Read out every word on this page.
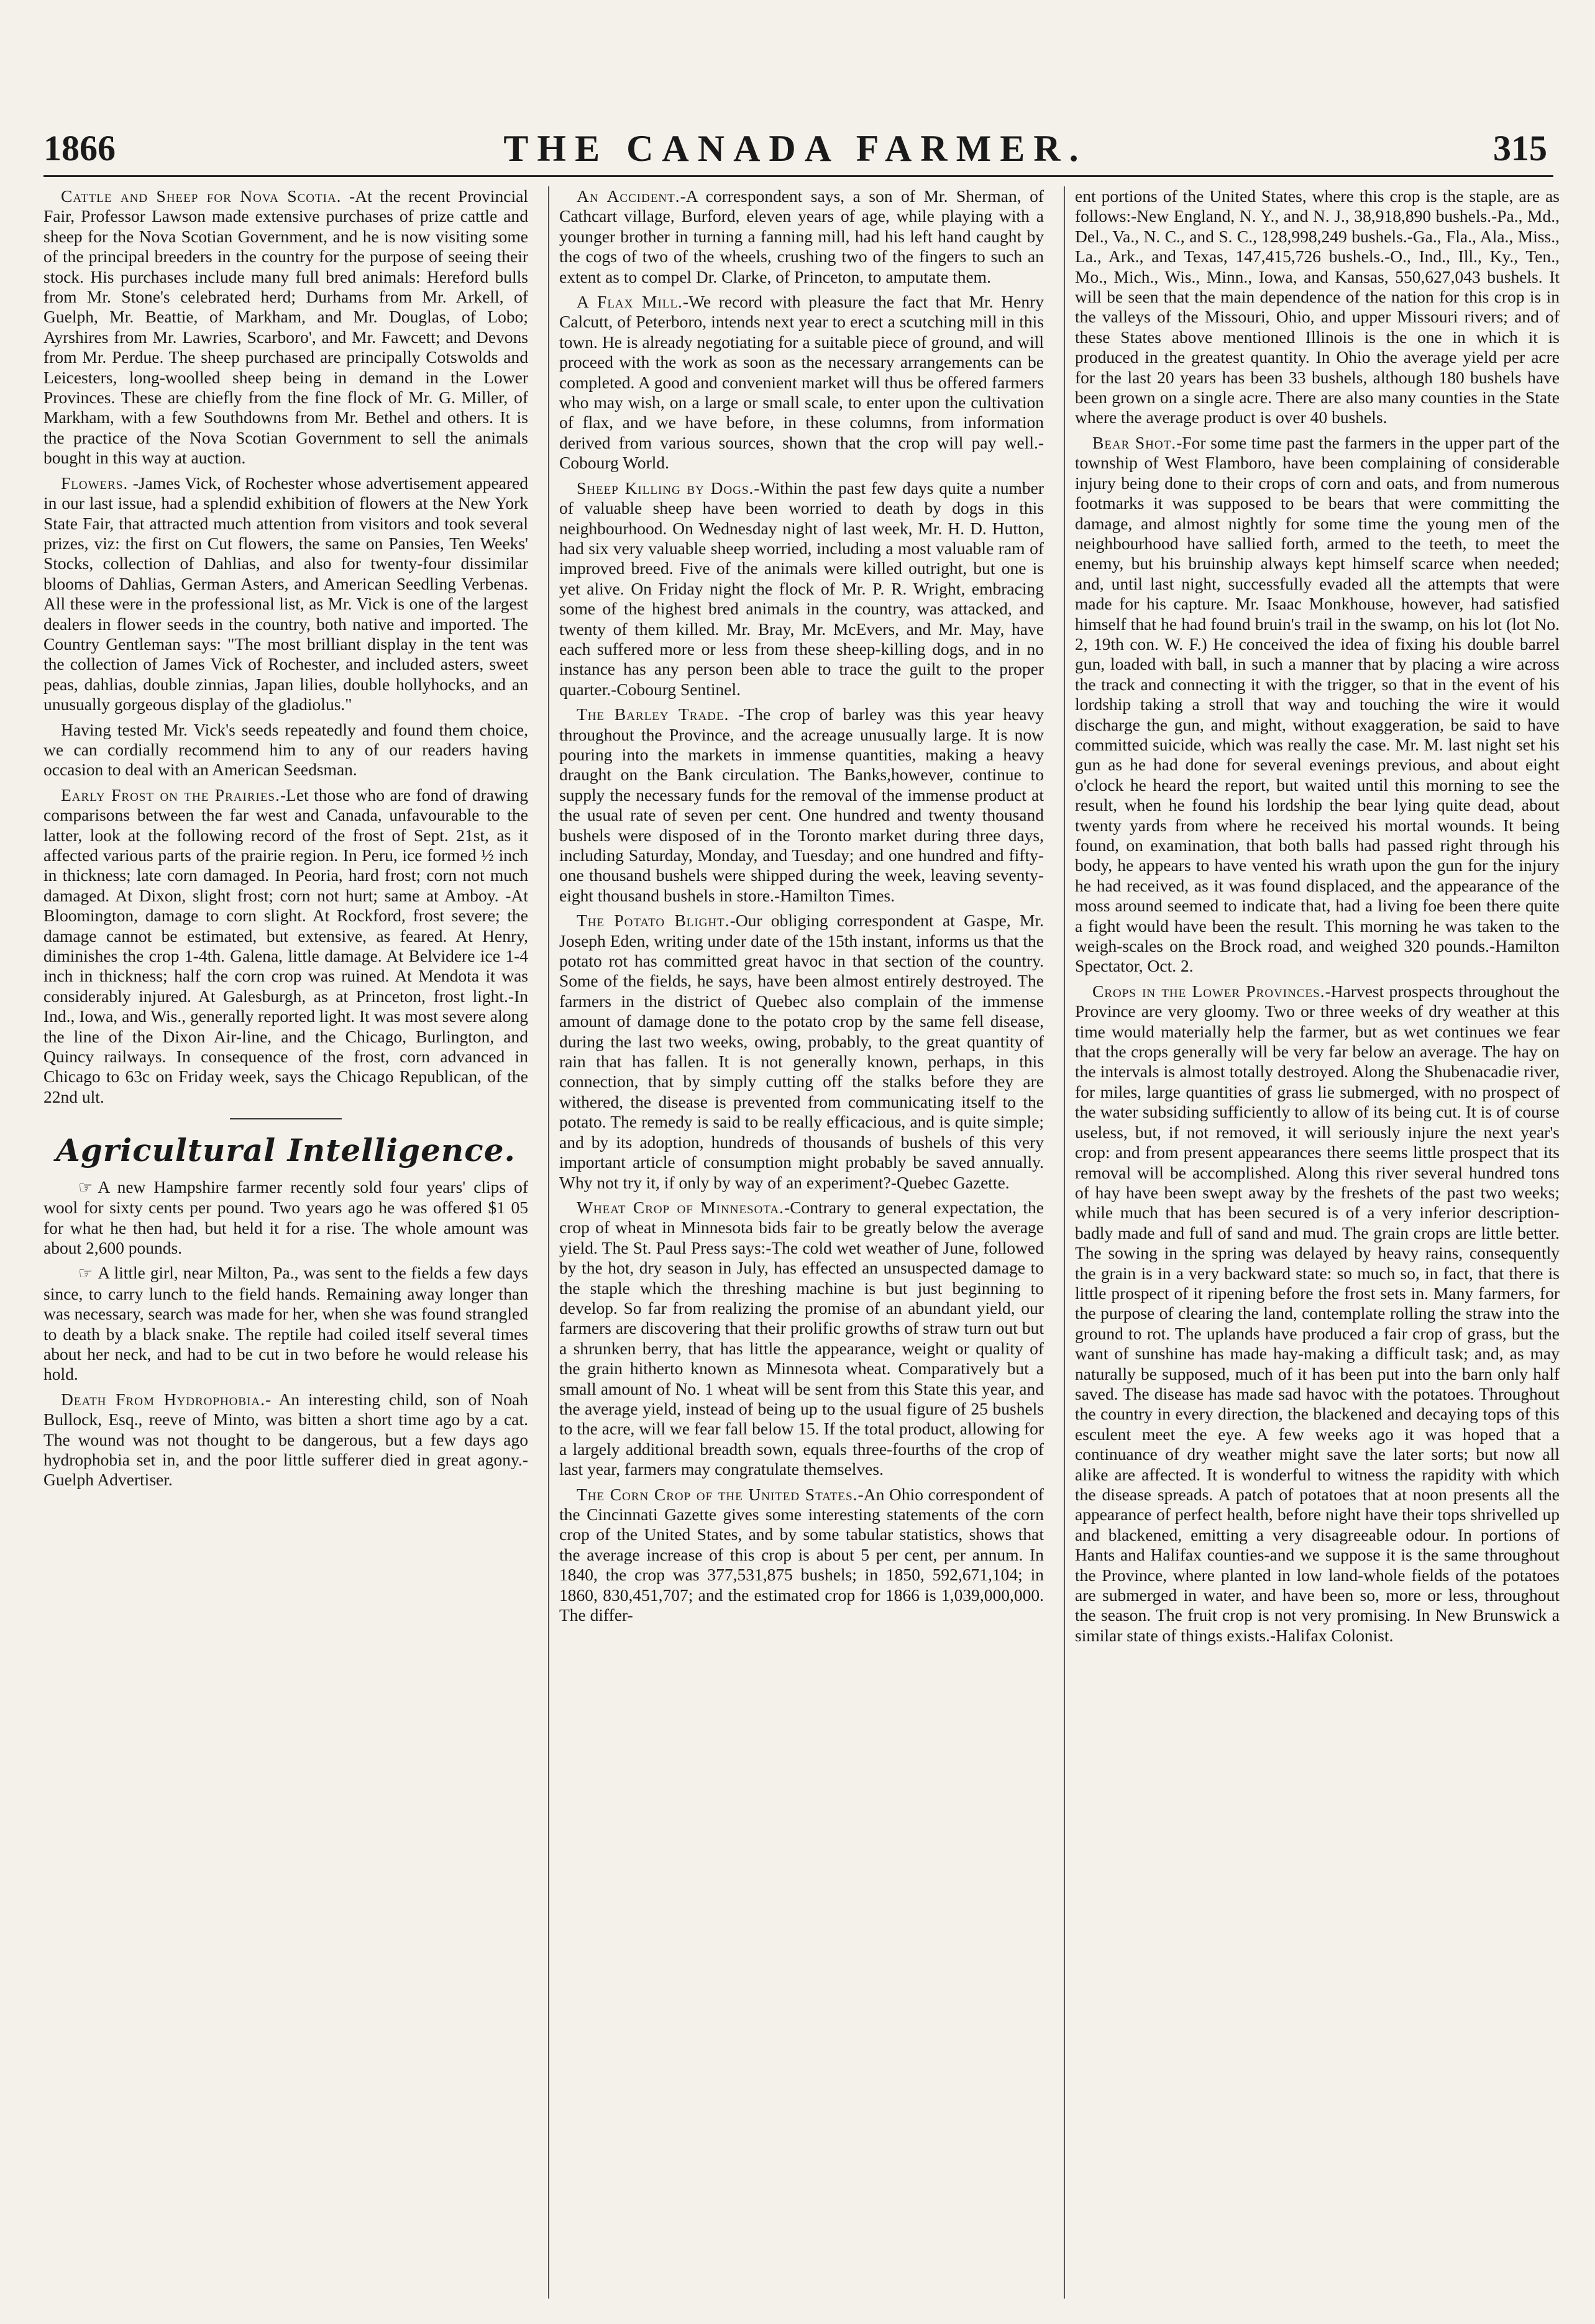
1866	THE CANADA FARMER.	315

Cattle and Sheep for Nova Scotia. -At the recent Provincial Fair, Professor Lawson made extensive purchases of prize cattle and sheep for the Nova Scotian Government, and he is now visiting some of the principal breeders in the country for the purpose of seeing their stock. His purchases include many full bred animals: Hereford bulls from Mr. Stone's celebrated herd; Durhams from Mr. Arkell, of Guelph, Mr. Beattie, of Markham, and Mr. Douglas, of Lobo; Ayrshires from Mr. Lawries, Scarboro', and Mr. Fawcett; and Devons from Mr. Perdue. The sheep purchased are principally Cotswolds and Leicesters, long-woolled sheep being in demand in the Lower Provinces. These are chiefly from the fine flock of Mr. G. Miller, of Markham, with a few Southdowns from Mr. Bethel and others. It is the practice of the Nova Scotian Government to sell the animals bought in this way at auction.

Flowers. -James Vick, of Rochester whose advertisement appeared in our last issue, had a splendid exhibition of flowers at the New York State Fair, that attracted much attention from visitors and took several prizes, viz: the first on Cut flowers, the same on Pansies, Ten Weeks' Stocks, collection of Dahlias, and also for twenty-four dissimilar blooms of Dahlias, German Asters, and American Seedling Verbenas. All these were in the professional list, as Mr. Vick is one of the largest dealers in flower seeds in the country, both native and imported. The Country Gentleman says: "The most brilliant display in the tent was the collection of James Vick of Rochester, and included asters, sweet peas, dahlias, double zinnias, Japan lilies, double hollyhocks, and an unusually gorgeous display of the gladiolus."

Having tested Mr. Vick's seeds repeatedly and found them choice, we can cordially recommend him to any of our readers having occasion to deal with an American Seedsman.

Early Frost on the Prairies.-Let those who are fond of drawing comparisons between the far west and Canada, unfavourable to the latter, look at the following record of the frost of Sept. 21st, as it affected various parts of the prairie region. In Peru, ice formed ½ inch in thickness; late corn damaged. In Peoria, hard frost; corn not much damaged. At Dixon, slight frost; corn not hurt; same at Amboy. -At Bloomington, damage to corn slight. At Rockford, frost severe; the damage cannot be estimated, but extensive, as feared. At Henry, diminishes the crop 1-4th. Galena, little damage. At Belvidere ice 1-4 inch in thickness; half the corn crop was ruined. At Mendota it was considerably injured. At Galesburgh, as at Princeton, frost light.-In Ind., Iowa, and Wis., generally reported light. It was most severe along the line of the Dixon Air-line, and the Chicago, Burlington, and Quincy railways. In consequence of the frost, corn advanced in Chicago to 63c on Friday week, says the Chicago Republican, of the 22nd ult.

Agricultural Intelligence.

☞ A new Hampshire farmer recently sold four years' clips of wool for sixty cents per pound. Two years ago he was offered $1 05 for what he then had, but held it for a rise. The whole amount was about 2,600 pounds.

☞ A little girl, near Milton, Pa., was sent to the fields a few days since, to carry lunch to the field hands. Remaining away longer than was necessary, search was made for her, when she was found strangled to death by a black snake. The reptile had coiled itself several times about her neck, and had to be cut in two before he would release his hold.

Death From Hydrophobia.- An interesting child, son of Noah Bullock, Esq., reeve of Minto, was bitten a short time ago by a cat. The wound was not thought to be dangerous, but a few days ago hydrophobia set in, and the poor little sufferer died in great agony.-Guelph Advertiser.

An Accident.-A correspondent says, a son of Mr. Sherman, of Cathcart village, Burford, eleven years of age, while playing with a younger brother in turning a fanning mill, had his left hand caught by the cogs of two of the wheels, crushing two of the fingers to such an extent as to compel Dr. Clarke, of Princeton, to amputate them.

A Flax Mill.-We record with pleasure the fact that Mr. Henry Calcutt, of Peterboro, intends next year to erect a scutching mill in this town. He is already negotiating for a suitable piece of ground, and will proceed with the work as soon as the necessary arrangements can be completed. A good and convenient market will thus be offered farmers who may wish, on a large or small scale, to enter upon the cultivation of flax, and we have before, in these columns, from information derived from various sources, shown that the crop will pay well.-Cobourg World.

Sheep Killing by Dogs.-Within the past few days quite a number of valuable sheep have been worried to death by dogs in this neighbourhood. On Wednesday night of last week, Mr. H. D. Hutton, had six very valuable sheep worried, including a most valuable ram of improved breed. Five of the animals were killed outright, but one is yet alive. On Friday night the flock of Mr. P. R. Wright, embracing some of the highest bred animals in the country, was attacked, and twenty of them killed. Mr. Bray, Mr. McEvers, and Mr. May, have each suffered more or less from these sheep-killing dogs, and in no instance has any person been able to trace the guilt to the proper quarter.-Cobourg Sentinel.

The Barley Trade. -The crop of barley was this year heavy throughout the Province, and the acreage unusually large. It is now pouring into the markets in immense quantities, making a heavy draught on the Bank circulation. The Banks,however, continue to supply the necessary funds for the removal of the immense product at the usual rate of seven per cent. One hundred and twenty thousand bushels were disposed of in the Toronto market during three days, including Saturday, Monday, and Tuesday; and one hundred and fifty-one thousand bushels were shipped during the week, leaving seventy-eight thousand bushels in store.-Hamilton Times.

The Potato Blight.-Our obliging correspondent at Gaspe, Mr. Joseph Eden, writing under date of the 15th instant, informs us that the potato rot has committed great havoc in that section of the country. Some of the fields, he says, have been almost entirely destroyed. The farmers in the district of Quebec also complain of the immense amount of damage done to the potato crop by the same fell disease, during the last two weeks, owing, probably, to the great quantity of rain that has fallen. It is not generally known, perhaps, in this connection, that by simply cutting off the stalks before they are withered, the disease is prevented from communicating itself to the potato. The remedy is said to be really efficacious, and is quite simple; and by its adoption, hundreds of thousands of bushels of this very important article of consumption might probably be saved annually. Why not try it, if only by way of an experiment?-Quebec Gazette.

Wheat Crop of Minnesota.-Contrary to general expectation, the crop of wheat in Minnesota bids fair to be greatly below the average yield. The St. Paul Press says:-The cold wet weather of June, followed by the hot, dry season in July, has effected an unsuspected damage to the staple which the threshing machine is but just beginning to develop. So far from realizing the promise of an abundant yield, our farmers are discovering that their prolific growths of straw turn out but a shrunken berry, that has little the appearance, weight or quality of the grain hitherto known as Minnesota wheat. Comparatively but a small amount of No. 1 wheat will be sent from this State this year, and the average yield, instead of being up to the usual figure of 25 bushels to the acre, will we fear fall below 15. If the total product, allowing for a largely additional breadth sown, equals three-fourths of the crop of last year, farmers may congratulate themselves.

The Corn Crop of the United States.-An Ohio correspondent of the Cincinnati Gazette gives some interesting statements of the corn crop of the United States, and by some tabular statistics, shows that the average increase of this crop is about 5 per cent, per annum. In 1840, the crop was 377,531,875 bushels; in 1850, 592,671,104; in 1860, 830,451,707; and the estimated crop for 1866 is 1,039,000,000. The differ-

ent portions of the United States, where this crop is the staple, are as follows:-New England, N. Y., and N. J., 38,918,890 bushels.-Pa., Md., Del., Va., N. C., and S. C., 128,998,249 bushels.-Ga., Fla., Ala., Miss., La., Ark., and Texas, 147,415,726 bushels.-O., Ind., Ill., Ky., Ten., Mo., Mich., Wis., Minn., Iowa, and Kansas, 550,627,043 bushels. It will be seen that the main dependence of the nation for this crop is in the valleys of the Missouri, Ohio, and upper Missouri rivers; and of these States above mentioned Illinois is the one in which it is produced in the greatest quantity. In Ohio the average yield per acre for the last 20 years has been 33 bushels, although 180 bushels have been grown on a single acre. There are also many counties in the State where the average product is over 40 bushels.

Bear Shot.-For some time past the farmers in the upper part of the township of West Flamboro, have been complaining of considerable injury being done to their crops of corn and oats, and from numerous footmarks it was supposed to be bears that were committing the damage, and almost nightly for some time the young men of the neighbourhood have sallied forth, armed to the teeth, to meet the enemy, but his bruinship always kept himself scarce when needed; and, until last night, successfully evaded all the attempts that were made for his capture. Mr. Isaac Monkhouse, however, had satisfied himself that he had found bruin's trail in the swamp, on his lot (lot No. 2, 19th con. W. F.) He conceived the idea of fixing his double barrel gun, loaded with ball, in such a manner that by placing a wire across the track and connecting it with the trigger, so that in the event of his lordship taking a stroll that way and touching the wire it would discharge the gun, and might, without exaggeration, be said to have committed suicide, which was really the case. Mr. M. last night set his gun as he had done for several evenings previous, and about eight o'clock he heard the report, but waited until this morning to see the result, when he found his lordship the bear lying quite dead, about twenty yards from where he received his mortal wounds. It being found, on examination, that both balls had passed right through his body, he appears to have vented his wrath upon the gun for the injury he had received, as it was found displaced, and the appearance of the moss around seemed to indicate that, had a living foe been there quite a fight would have been the result. This morning he was taken to the weigh-scales on the Brock road, and weighed 320 pounds.-Hamilton Spectator, Oct. 2.

Crops in the Lower Provinces.-Harvest prospects throughout the Province are very gloomy. Two or three weeks of dry weather at this time would materially help the farmer, but as wet continues we fear that the crops generally will be very far below an average. The hay on the intervals is almost totally destroyed. Along the Shubenacadie river, for miles, large quantities of grass lie submerged, with no prospect of the water subsiding sufficiently to allow of its being cut. It is of course useless, but, if not removed, it will seriously injure the next year's crop: and from present appearances there seems little prospect that its removal will be accomplished. Along this river several hundred tons of hay have been swept away by the freshets of the past two weeks; while much that has been secured is of a very inferior description-badly made and full of sand and mud. The grain crops are little better. The sowing in the spring was delayed by heavy rains, consequently the grain is in a very backward state: so much so, in fact, that there is little prospect of it ripening before the frost sets in. Many farmers, for the purpose of clearing the land, contemplate rolling the straw into the ground to rot. The uplands have produced a fair crop of grass, but the want of sunshine has made hay-making a difficult task; and, as may naturally be supposed, much of it has been put into the barn only half saved. The disease has made sad havoc with the potatoes. Throughout the country in every direction, the blackened and decaying tops of this esculent meet the eye. A few weeks ago it was hoped that a continuance of dry weather might save the later sorts; but now all alike are affected. It is wonderful to witness the rapidity with which the disease spreads. A patch of potatoes that at noon presents all the appearance of perfect health, before night have their tops shrivelled up and blackened, emitting a very disagreeable odour. In portions of Hants and Halifax counties-and we suppose it is the same throughout the Province, where planted in low land-whole fields of the potatoes are submerged in water, and have been so, more or less, throughout the season. The fruit crop is not very promising. In New Brunswick a similar state of things exists.-Halifax Colonist.
